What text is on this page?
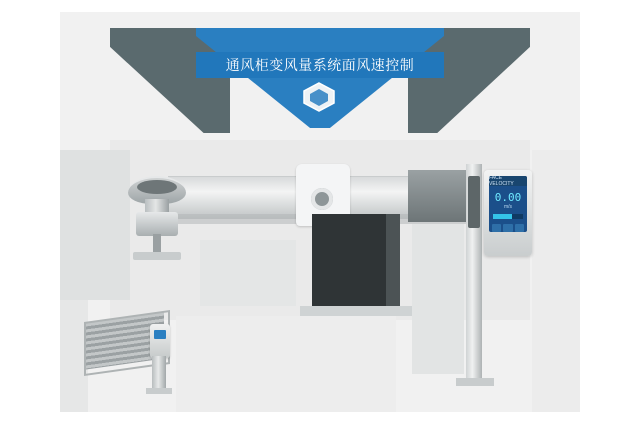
通风柜变风量系统面风速控制
FACE VELOCITY
0.00
m/s
